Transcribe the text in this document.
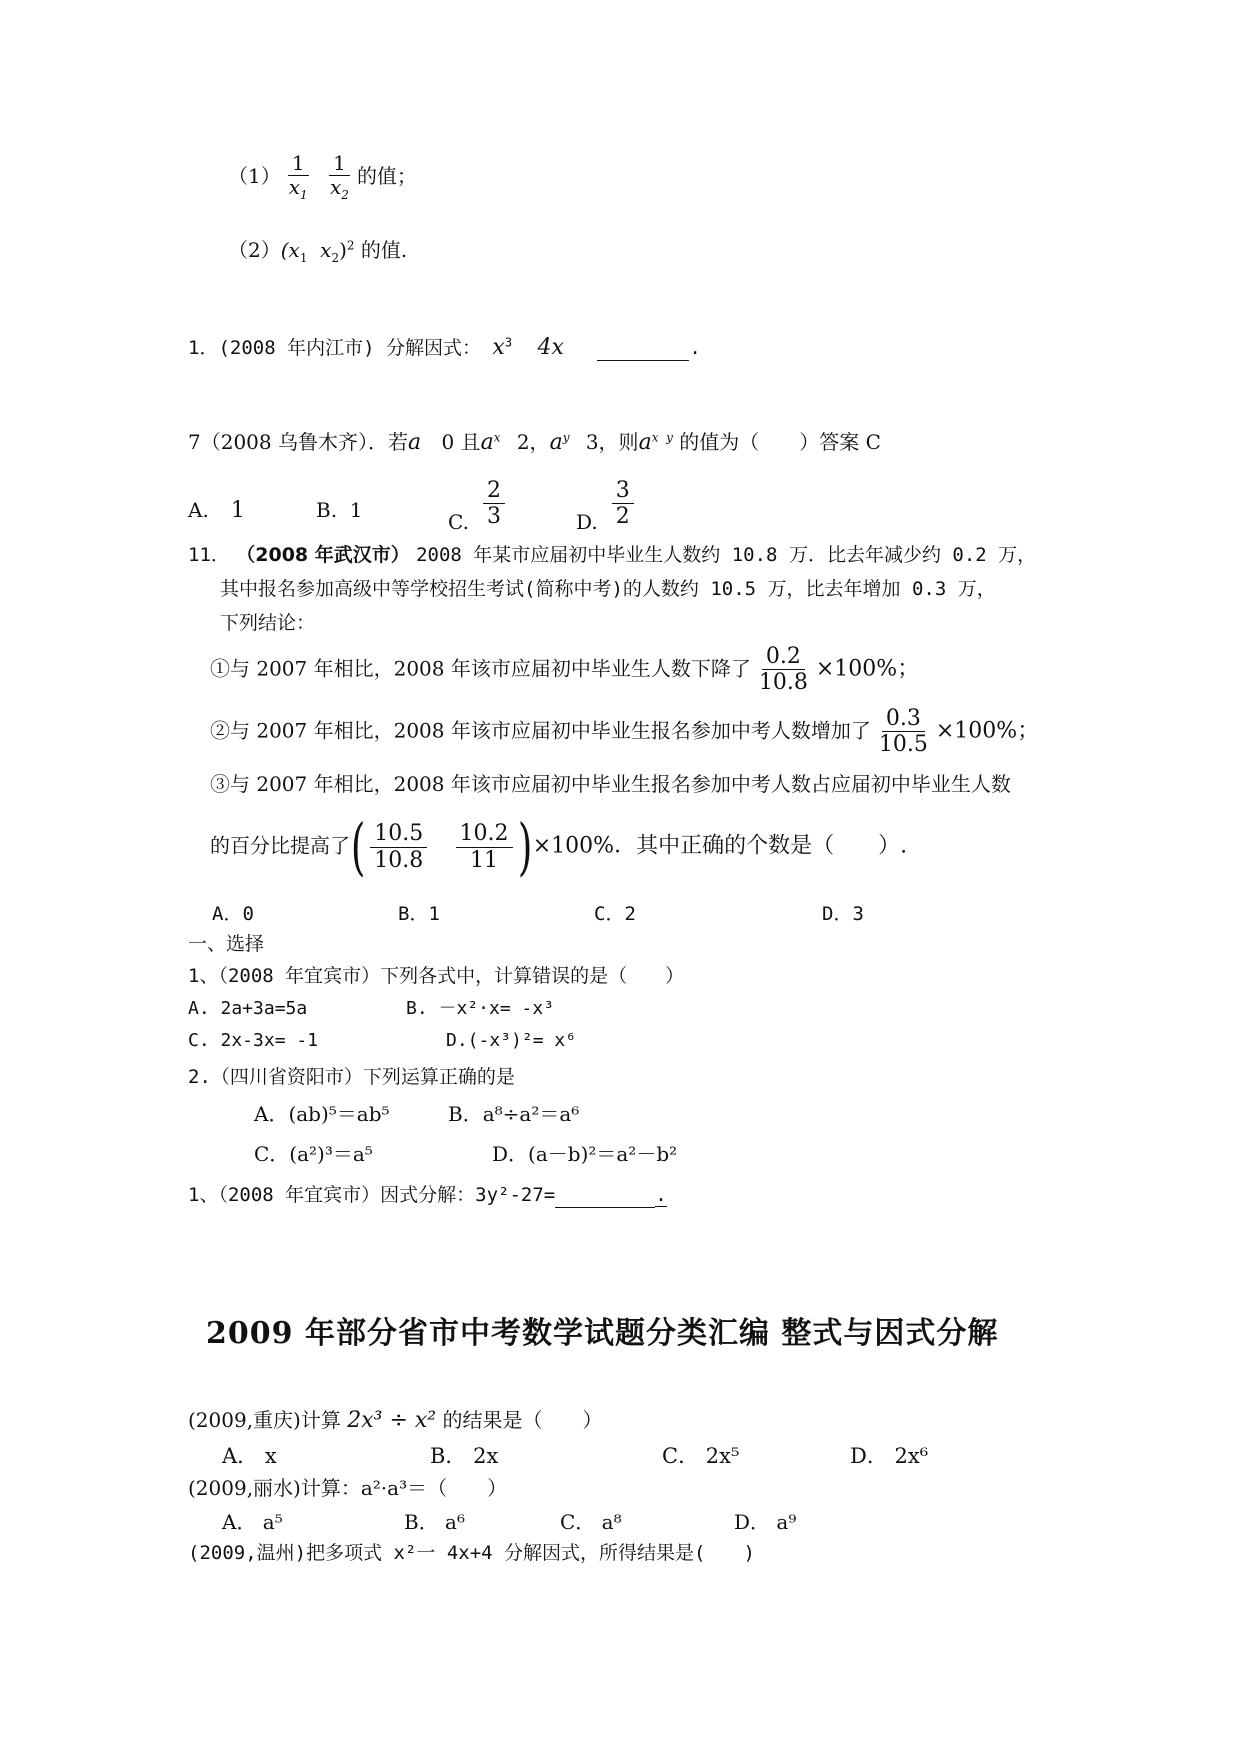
$(1) \frac{1}{x_1}$
$\frac{1}{x_2}$ 的值；
$(2)(x_1$  $x_2)^2$ 的值.
1．(2008 年内江市) 分解因式： $x^3$ 4x	.
7（2008 乌鲁木齐）．若a 0 且$a^x$ 2，$a^y$ 3，则$a^{x y}$ 的值为（　　）答案 C
A. 1	B.  1
C. $\frac{2}{3}$	D. $\frac{3}{2}$
11． （2008 年武汉市） 2008 年某市应届初中毕业生人数约 10.8 万．比去年减少约 0.2 万，
其中报名参加高级中等学校招生考试(简称中考)的人数约 10.5 万，比去年增加 0.3 万，
下列结论：
①与 2007 年相比，2008 年该市应届初中毕业生人数下降了 $\frac{0.2}{10.8} \times 100\%$；
②与 2007 年相比，2008 年该市应届初中毕业生报名参加中考人数增加了 $\frac{0.3}{10.5} \times 100\%$；
③与 2007 年相比，2008 年该市应届初中毕业生报名参加中考人数占应届初中毕业生人数
的百分比提高了( $\frac{10.5}{10.8}$
$\frac{10.2}{11} )\times 100\%$．其中正确的个数是（　　）.
A．0	B．1	C．2	D．3
一、选择
1、（2008 年宜宾市）下列各式中，计算错误的是（　　）
A. 2a+3a=5a	B. －x²·x= -x³
C. 2x-3x= -1	D.(-x³)²= x⁶
2.（四川省资阳市）下列运算正确的是
A．(ab)⁵＝ab⁵	B．a⁸÷a²＝a⁶
C．(a²)³＝a⁵	D．(a－b)²＝a²－b²
1、（2008 年宜宾市）因式分解：3y²-27=	.
2009 年部分省市中考数学试题分类汇编 整式与因式分解
(2009,重庆)计算 2x³ ÷ x² 的结果是（　　）
A． x	B． 2x	C． 2x⁵	D． 2x⁶
(2009,丽水)计算：a²·a³＝（　　）
A． a⁵	B． a⁶	C． a⁸	D． a⁹
(2009,温州)把多项式 x²一 4x+4 分解因式，所得结果是(　　)
